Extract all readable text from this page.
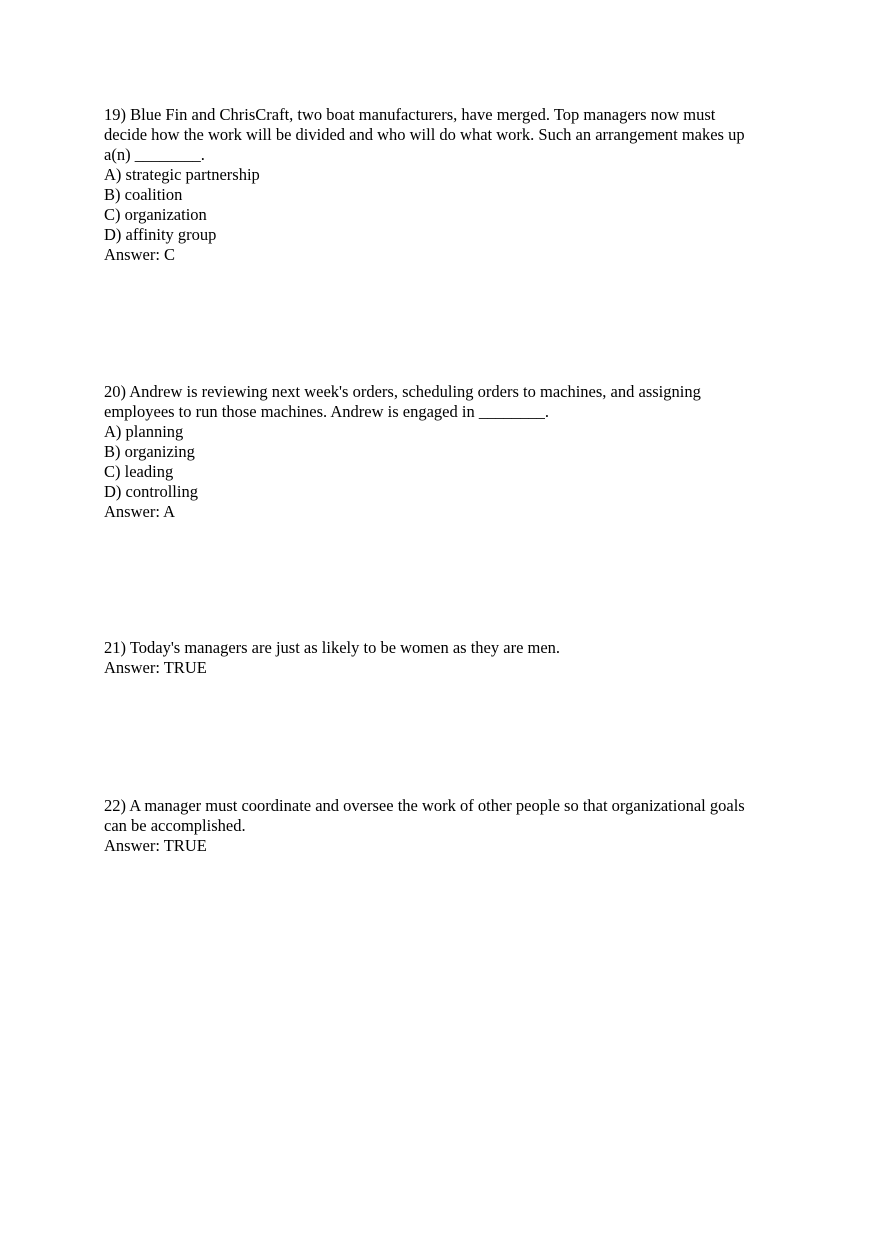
19) Blue Fin and ChrisCraft, two boat manufacturers, have merged. Top managers now must
decide how the work will be divided and who will do what work. Such an arrangement makes up
a(n) ________.
A) strategic partnership
B) coalition
C) organization
D) affinity group
Answer: C
20) Andrew is reviewing next week's orders, scheduling orders to machines, and assigning
employees to run those machines. Andrew is engaged in ________.
A) planning
B) organizing
C) leading
D) controlling
Answer: A
21) Today's managers are just as likely to be women as they are men.
Answer: TRUE
22) A manager must coordinate and oversee the work of other people so that organizational goals
can be accomplished.
Answer: TRUE
